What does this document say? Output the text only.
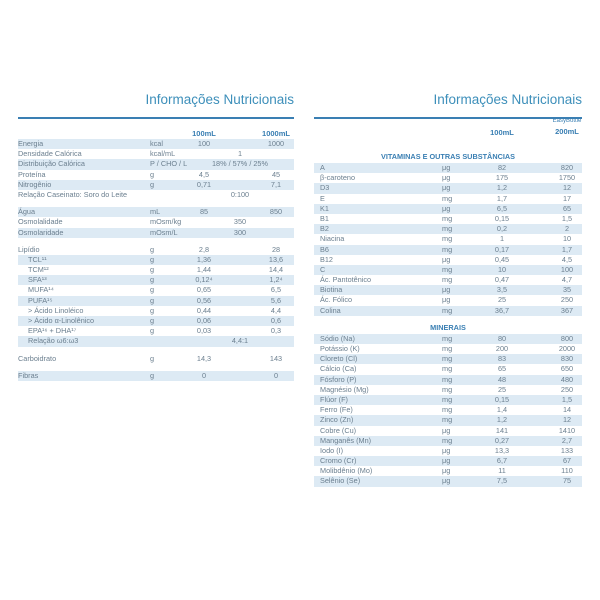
Informações Nutricionais
100mL	1000mL
Energia	kcal	100	1000
Densidade Calórica	kcal/mL	1
Distribuição Calórica	P / CHO / L	18% / 57% / 25%
Proteína	g	4,5	45
Nitrogênio	g	0,71	7,1
Relação Caseinato: Soro do Leite	0:100
Água	mL	85	850
Osmolalidade	mOsm/kg	350
Osmolaridade	mOsm/L	300
Lipídio	g	2,8	28
TCL¹¹	g	1,36	13,6
TCM¹²	g	1,44	14,4
SFA¹³	g	0,12⁴	1,2⁴
MUFA¹⁴	g	0,65	6,5
PUFA¹⁵	g	0,56	5,6
> Ácido Linoléico	g	0,44	4,4
> Ácido α-Linolênico	g	0,06	0,6
EPA¹⁶ + DHA¹⁷	g	0,03	0,3
Relação ω6:ω3	4,4:1
Carboidrato	g	14,3	143
Fibras	g	0	0
Informações Nutricionais
100mL
EasyBottle
200mL
VITAMINAS E OUTRAS SUBSTÂNCIAS
A	μg	82	820
β-caroteno	μg	175	1750
D3	μg	1,2	12
E	mg	1,7	17
K1	μg	6,5	65
B1	mg	0,15	1,5
B2	mg	0,2	2
Niacina	mg	1	10
B6	mg	0,17	1,7
B12	μg	0,45	4,5
C	mg	10	100
Ác. Pantotênico	mg	0,47	4,7
Biotina	μg	3,5	35
Ác. Fólico	μg	25	250
Colina	mg	36,7	367
MINERAIS
Sódio (Na)	mg	80	800
Potássio (K)	mg	200	2000
Cloreto (Cl)	mg	83	830
Cálcio (Ca)	mg	65	650
Fósforo (P)	mg	48	480
Magnésio (Mg)	mg	25	250
Flúor (F)	mg	0,15	1,5
Ferro (Fe)	mg	1,4	14
Zinco (Zn)	mg	1,2	12
Cobre (Cu)	μg	141	1410
Manganês (Mn)	mg	0,27	2,7
Iodo (I)	μg	13,3	133
Cromo (Cr)	μg	6,7	67
Molibdênio (Mo)	μg	11	110
Selênio (Se)	μg	7,5	75
